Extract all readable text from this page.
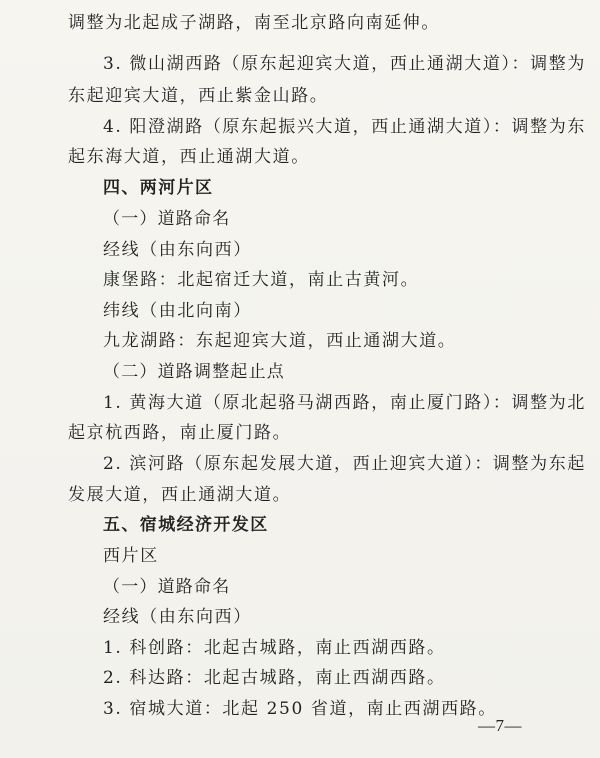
调整为北起成子湖路，南至北京路向南延伸。
3. 微山湖西路（原东起迎宾大道，西止通湖大道）：调整为
东起迎宾大道，西止紫金山路。
4. 阳澄湖路（原东起振兴大道，西止通湖大道）：调整为东
起东海大道，西止通湖大道。
四、两河片区
（一）道路命名
经线（由东向西）
康堡路：北起宿迁大道，南止古黄河。
纬线（由北向南）
九龙湖路：东起迎宾大道，西止通湖大道。
（二）道路调整起止点
1. 黄海大道（原北起骆马湖西路，南止厦门路）：调整为北
起京杭西路，南止厦门路。
2. 滨河路（原东起发展大道，西止迎宾大道）：调整为东起
发展大道，西止通湖大道。
五、宿城经济开发区
西片区
（一）道路命名
经线（由东向西）
1. 科创路：北起古城路，南止西湖西路。
2. 科达路：北起古城路，南止西湖西路。
3. 宿城大道：北起 250 省道，南止西湖西路。
—7—
